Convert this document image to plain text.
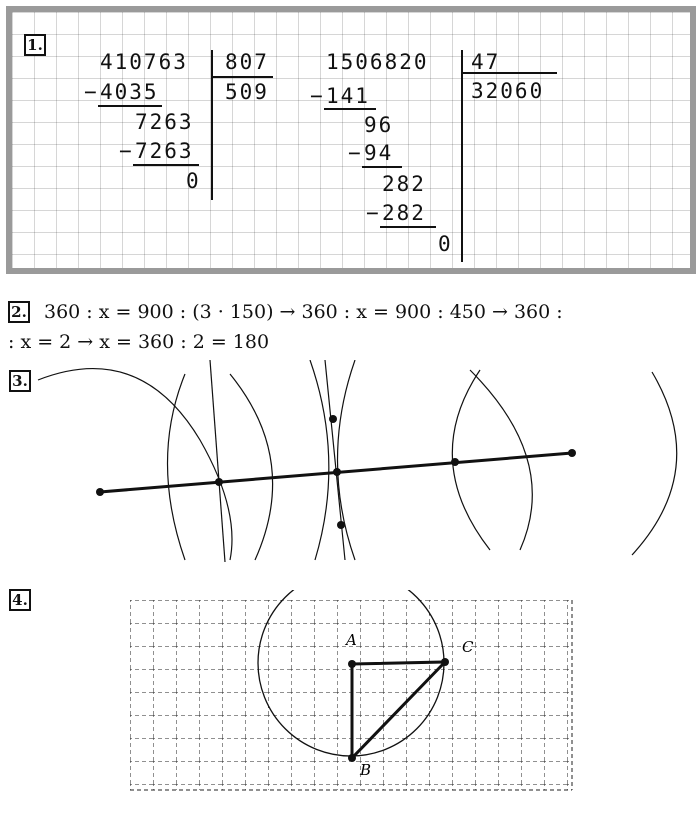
1.
410763 807
509
− 4035
7263
− 7263
0
1506820 47
32060
− 141
96
− 94
282
− 282
0
2. 360 : x = 900 : (3 · 150) → 360 : x = 900 : 450 → 360 :
: x = 2 → x = 360 : 2 = 180
3.
4.
A	C
B
